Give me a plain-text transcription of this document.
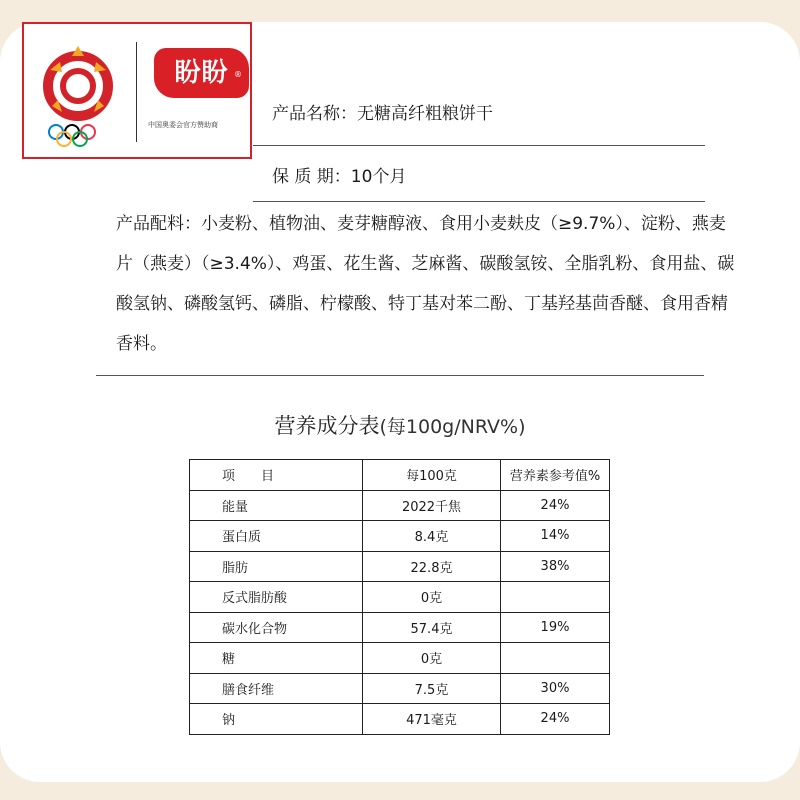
盼盼 ®
中国奥委会官方赞助商
产品名称：无糖高纤粗粮饼干
保 质 期：10个月
产品配料：小麦粉、植物油、麦芽糖醇液、食用小麦麸皮（≥9.7%）、淀粉、燕麦片（燕麦）（≥3.4%）、鸡蛋、花生酱、芝麻酱、碳酸氢铵、全脂乳粉、食用盐、碳酸氢钠、磷酸氢钙、磷脂、柠檬酸、特丁基对苯二酚、丁基羟基茴香醚、食用香精香料。
营养成分表(每100g/NRV%)
项　　目	每100克	营养素参考值%
能量	2022千焦	24%
蛋白质	8.4克	14%
脂肪	22.8克	38%
反式脂肪酸	0克	
碳水化合物	57.4克	19%
糖	0克	
膳食纤维	7.5克	30%
钠	471毫克	24%
